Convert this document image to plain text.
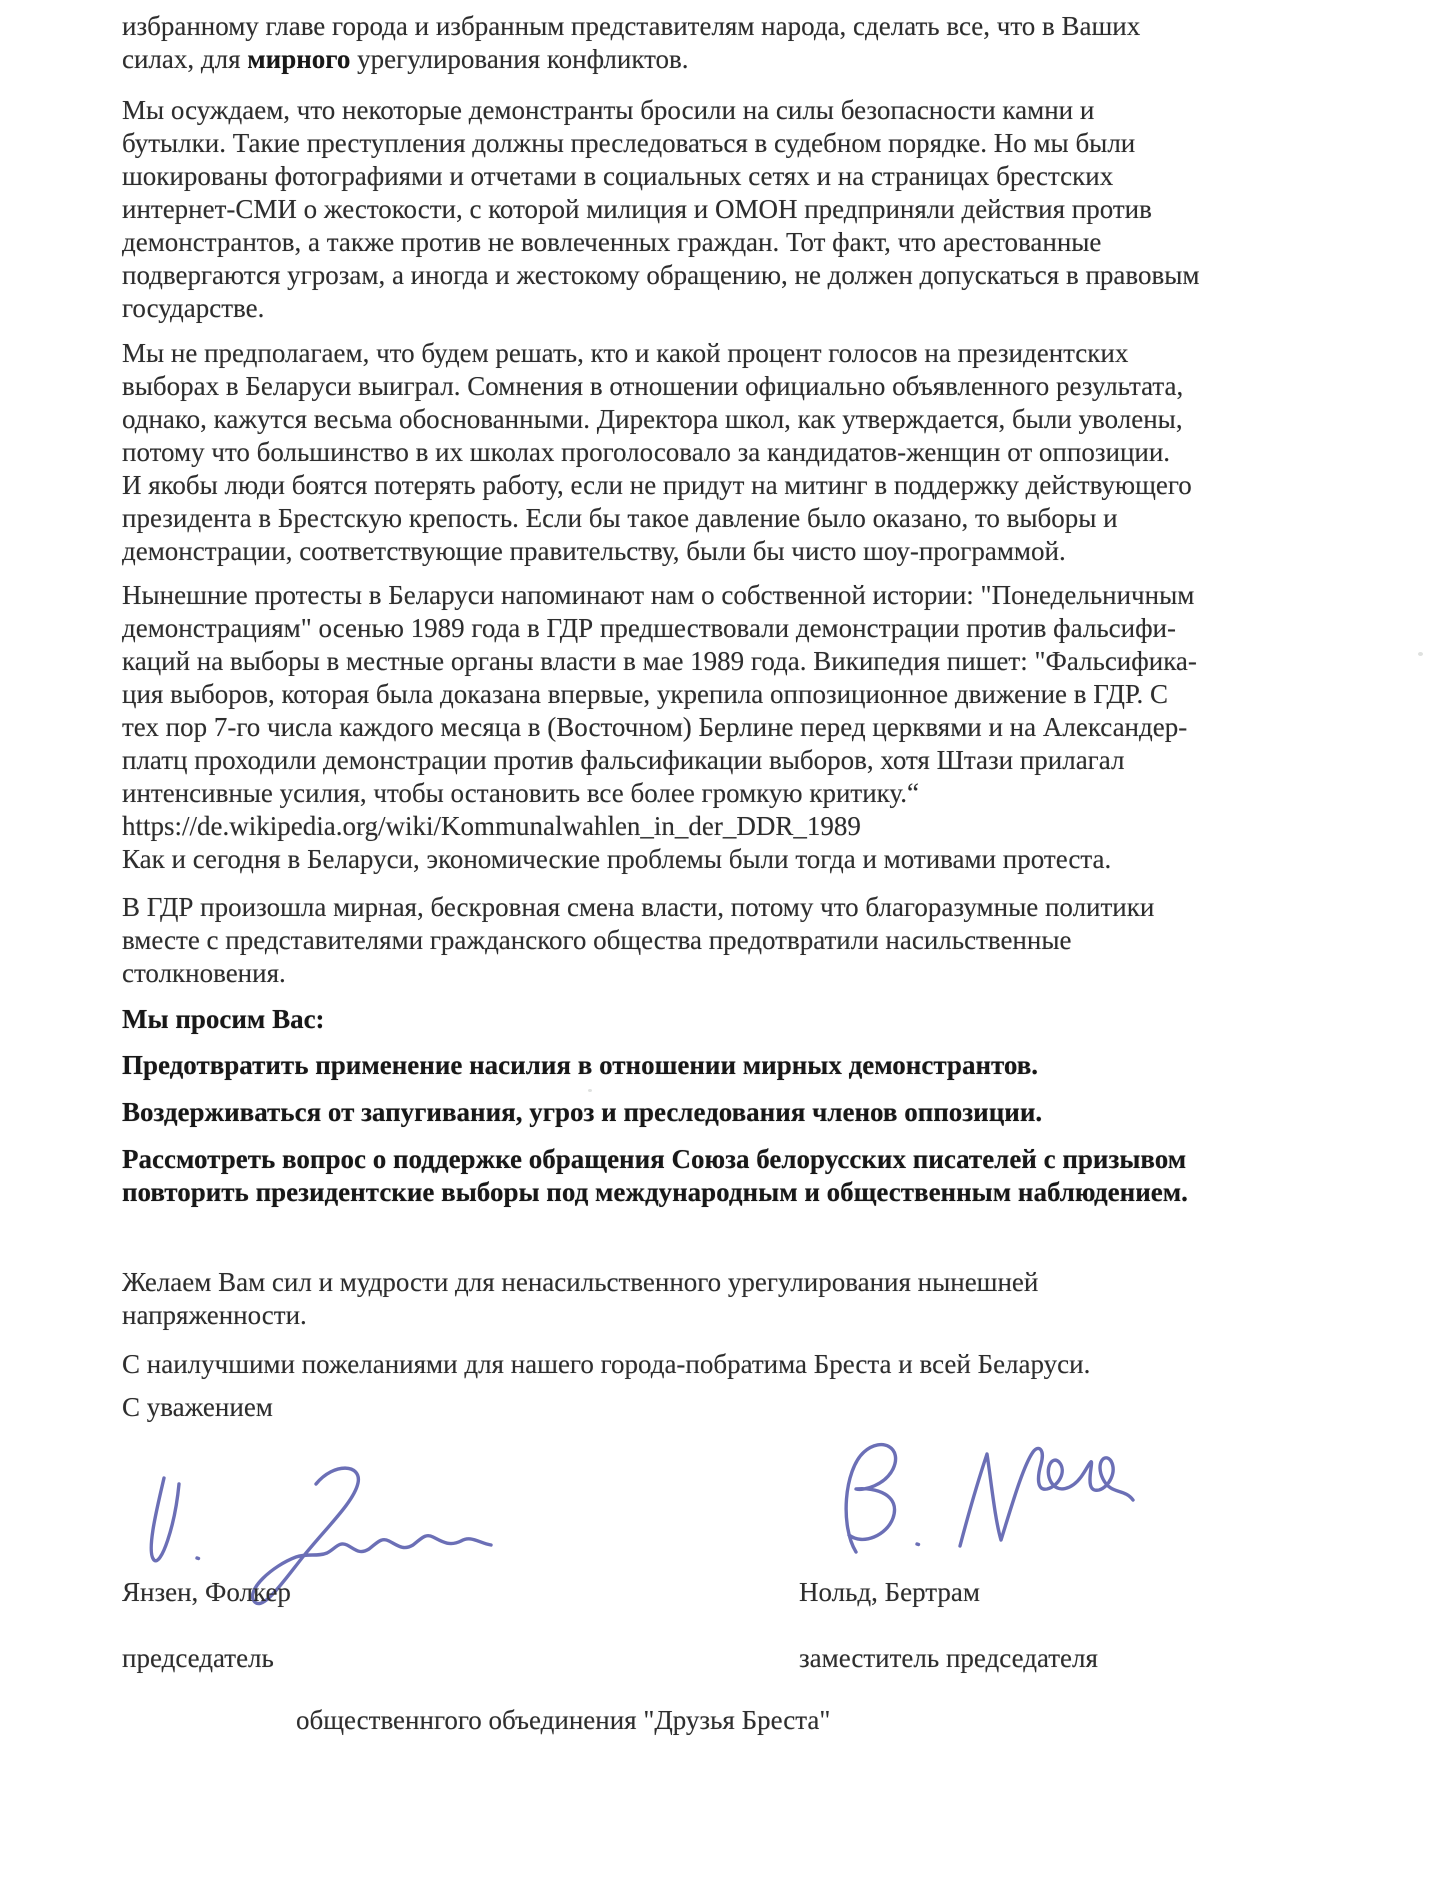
избранному главе города и избранным представителям народа, сделать все, что в Ваших
силах, для мирного урегулирования конфликтов.
Мы осуждаем, что некоторые демонстранты бросили на силы безопасности камни и
бутылки. Такие преступления должны преследоваться в судебном порядке. Но мы были
шокированы фотографиями и отчетами в социальных сетях и на страницах брестских
интернет-СМИ о жестокости, с которой милиция и ОМОН предприняли действия против
демонстрантов, а также против не вовлеченных граждан. Тот факт, что арестованные
подвергаются угрозам, а иногда и жестокому обращению, не должен допускаться в правовым
государстве.
Мы не предполагаем, что будем решать, кто и какой процент голосов на президентских
выборах в Беларуси выиграл. Сомнения в отношении официально объявленного результата,
однако, кажутся весьма обоснованными. Директора школ, как утверждается, были уволены,
потому что большинство в их школах проголосовало за кандидатов-женщин от оппозиции.
И якобы люди боятся потерять работу, если не придут на митинг в поддержку действующего
президента в Брестскую крепость. Если бы такое давление было оказано, то выборы и
демонстрации, соответствующие правительству, были бы чисто шоу-программой.
Нынешние протесты в Беларуси напоминают нам о собственной истории: "Понедельничным
демонстрациям" осенью 1989 года в ГДР предшествовали демонстрации против фальсифи-
каций на выборы в местные органы власти в мае 1989 года. Википедия пишет: "Фальсифика-
ция выборов, которая была доказана впервые, укрепила оппозиционное движение в ГДР. С
тех пор 7-го числа каждого месяца в (Восточном) Берлине перед церквями и на Александер-
платц проходили демонстрации против фальсификации выборов, хотя Штази прилагал
интенсивные усилия, чтобы остановить все более громкую критику.“
https://de.wikipedia.org/wiki/Kommunalwahlen_in_der_DDR_1989
Как и сегодня в Беларуси, экономические проблемы были тогда и мотивами протеста.
В ГДР произошла мирная, бескровная смена власти, потому что благоразумные политики
вместе с представителями гражданского общества предотвратили насильственные
столкновения.
Мы просим Вас:
Предотвратить применение насилия в отношении мирных демонстрантов.
Воздерживаться от запугивания, угроз и преследования членов оппозиции.
Рассмотреть вопрос о поддержке обращения Союза белорусских писателей с призывом
повторить президентские выборы под международным и общественным наблюдением.
Желаем Вам сил и мудрости для ненасильственного урегулирования нынешней
напряженности.
С наилучшими пожеланиями для нашего города-побратима Бреста и всей Беларуси.
С уважением
Янзен, Фолкер	Нольд, Бертрам
председатель	заместитель председателя
общественнгого объединения "Друзья Бреста"
